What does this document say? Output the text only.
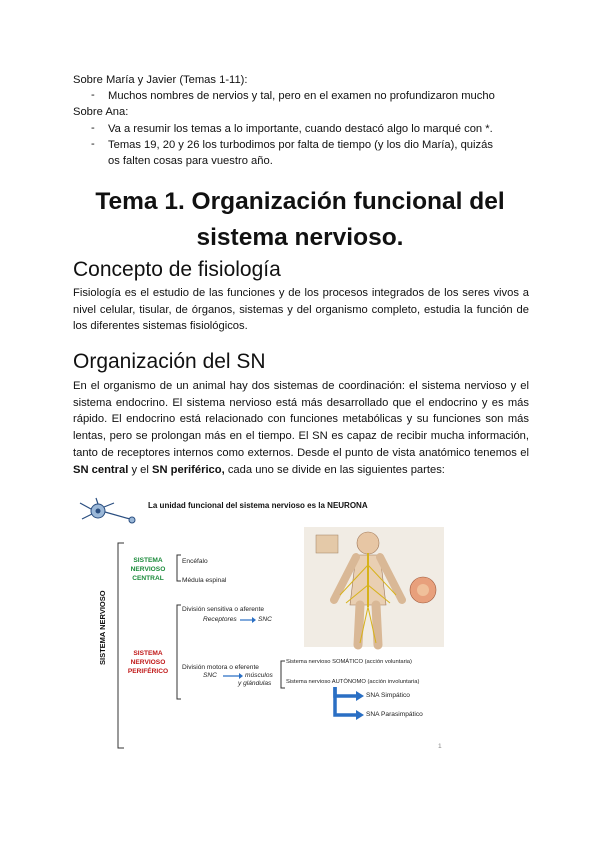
Sobre María y Javier (Temas 1-11):
- Muchos nombres de nervios y tal, pero en el examen no profundizaron mucho
Sobre Ana:
- Va a resumir los temas a lo importante, cuando destacó algo lo marqué con *.
- Temas 19, 20 y 26 los turbodimos por falta de tiempo (y los dio María), quizás
os falten cosas para vuestro año.
Tema 1. Organización funcional del
sistema nervioso.
Concepto de fisiología
Fisiología es el estudio de las funciones y de los procesos integrados de los seres vivos a nivel celular, tisular, de órganos, sistemas y del organismo completo, estudia la función de los diferentes sistemas fisiológicos.
Organización del SN
En el organismo de un animal hay dos sistemas de coordinación: el sistema nervioso y el sistema endocrino. El sistema nervioso está más desarrollado que el endocrino y es más rápido. El endocrino está relacionado con funciones metabólicas y su funciones son más lentas, pero se prolongan más en el tiempo. El SN es capaz de recibir mucha información, tanto de receptores internos como externos. Desde el punto de vista anatómico tenemos el SN central y el SN periférico, cada uno se divide en las siguientes partes:
La unidad funcional del sistema nervioso es la NEURONA
SISTEMA NERVIOSO
SISTEMA NERVIOSO CENTRAL
SISTEMA NERVIOSO PERIFÉRICO
Encéfalo
Médula espinal
División sensitiva o aferente
Receptores	SNC
División motora o eferente
SNC	músculos
y glándulas
Sistema nervioso SOMÁTICO (acción voluntaria)
Sistema nervioso AUTÓNOMO (acción involuntaria)
SNA Simpático
SNA Parasimpático
1
